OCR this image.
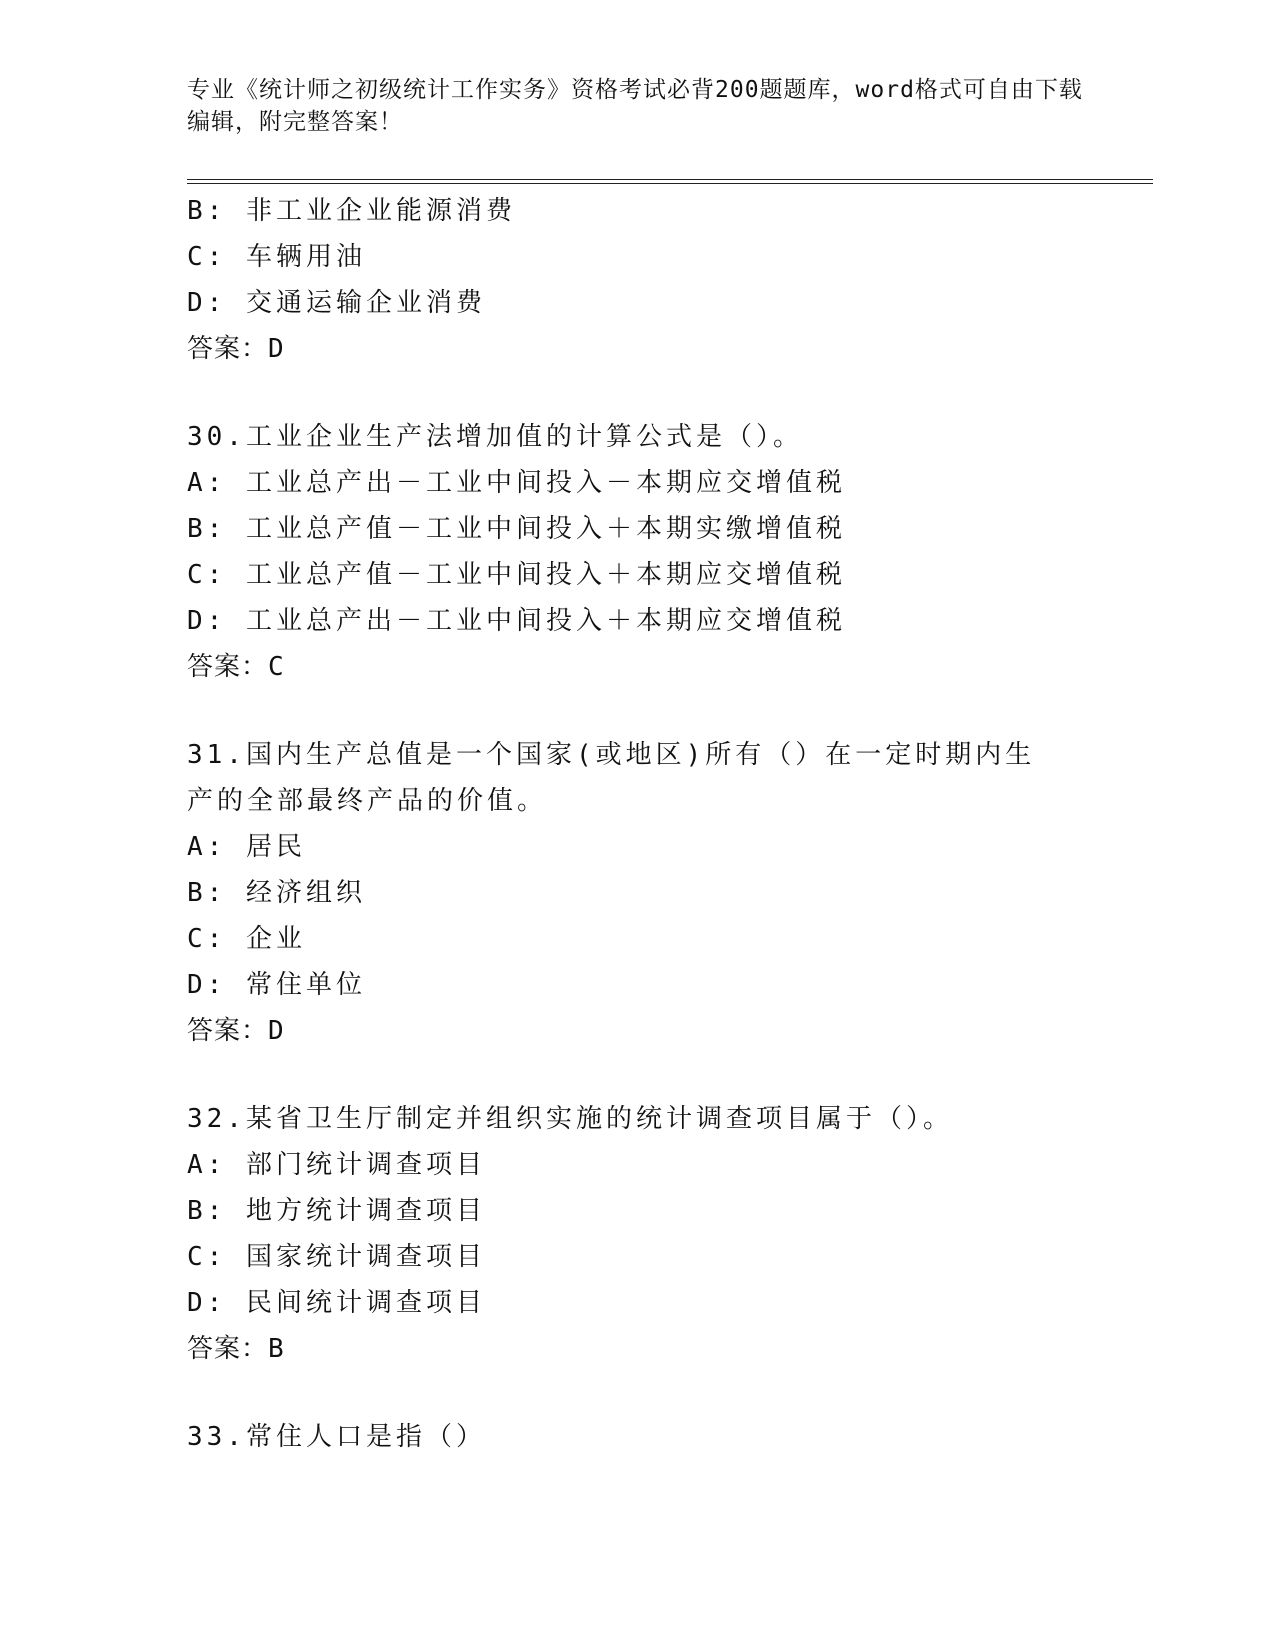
专业《统计师之初级统计工作实务》资格考试必背200题题库，word格式可自由下载编辑，附完整答案！
B: 非工业企业能源消费
C: 车辆用油
D: 交通运输企业消费
答案：D
30.工业企业生产法增加值的计算公式是（）。
A: 工业总产出－工业中间投入－本期应交增值税
B: 工业总产值－工业中间投入＋本期实缴增值税
C: 工业总产值－工业中间投入＋本期应交增值税
D: 工业总产出－工业中间投入＋本期应交增值税
答案：C
31.国内生产总值是一个国家(或地区)所有（）在一定时期内生产的全部最终产品的价值。
A: 居民
B: 经济组织
C: 企业
D: 常住单位
答案：D
32.某省卫生厅制定并组织实施的统计调查项目属于（）。
A: 部门统计调查项目
B: 地方统计调查项目
C: 国家统计调查项目
D: 民间统计调查项目
答案：B
33.常住人口是指（）
